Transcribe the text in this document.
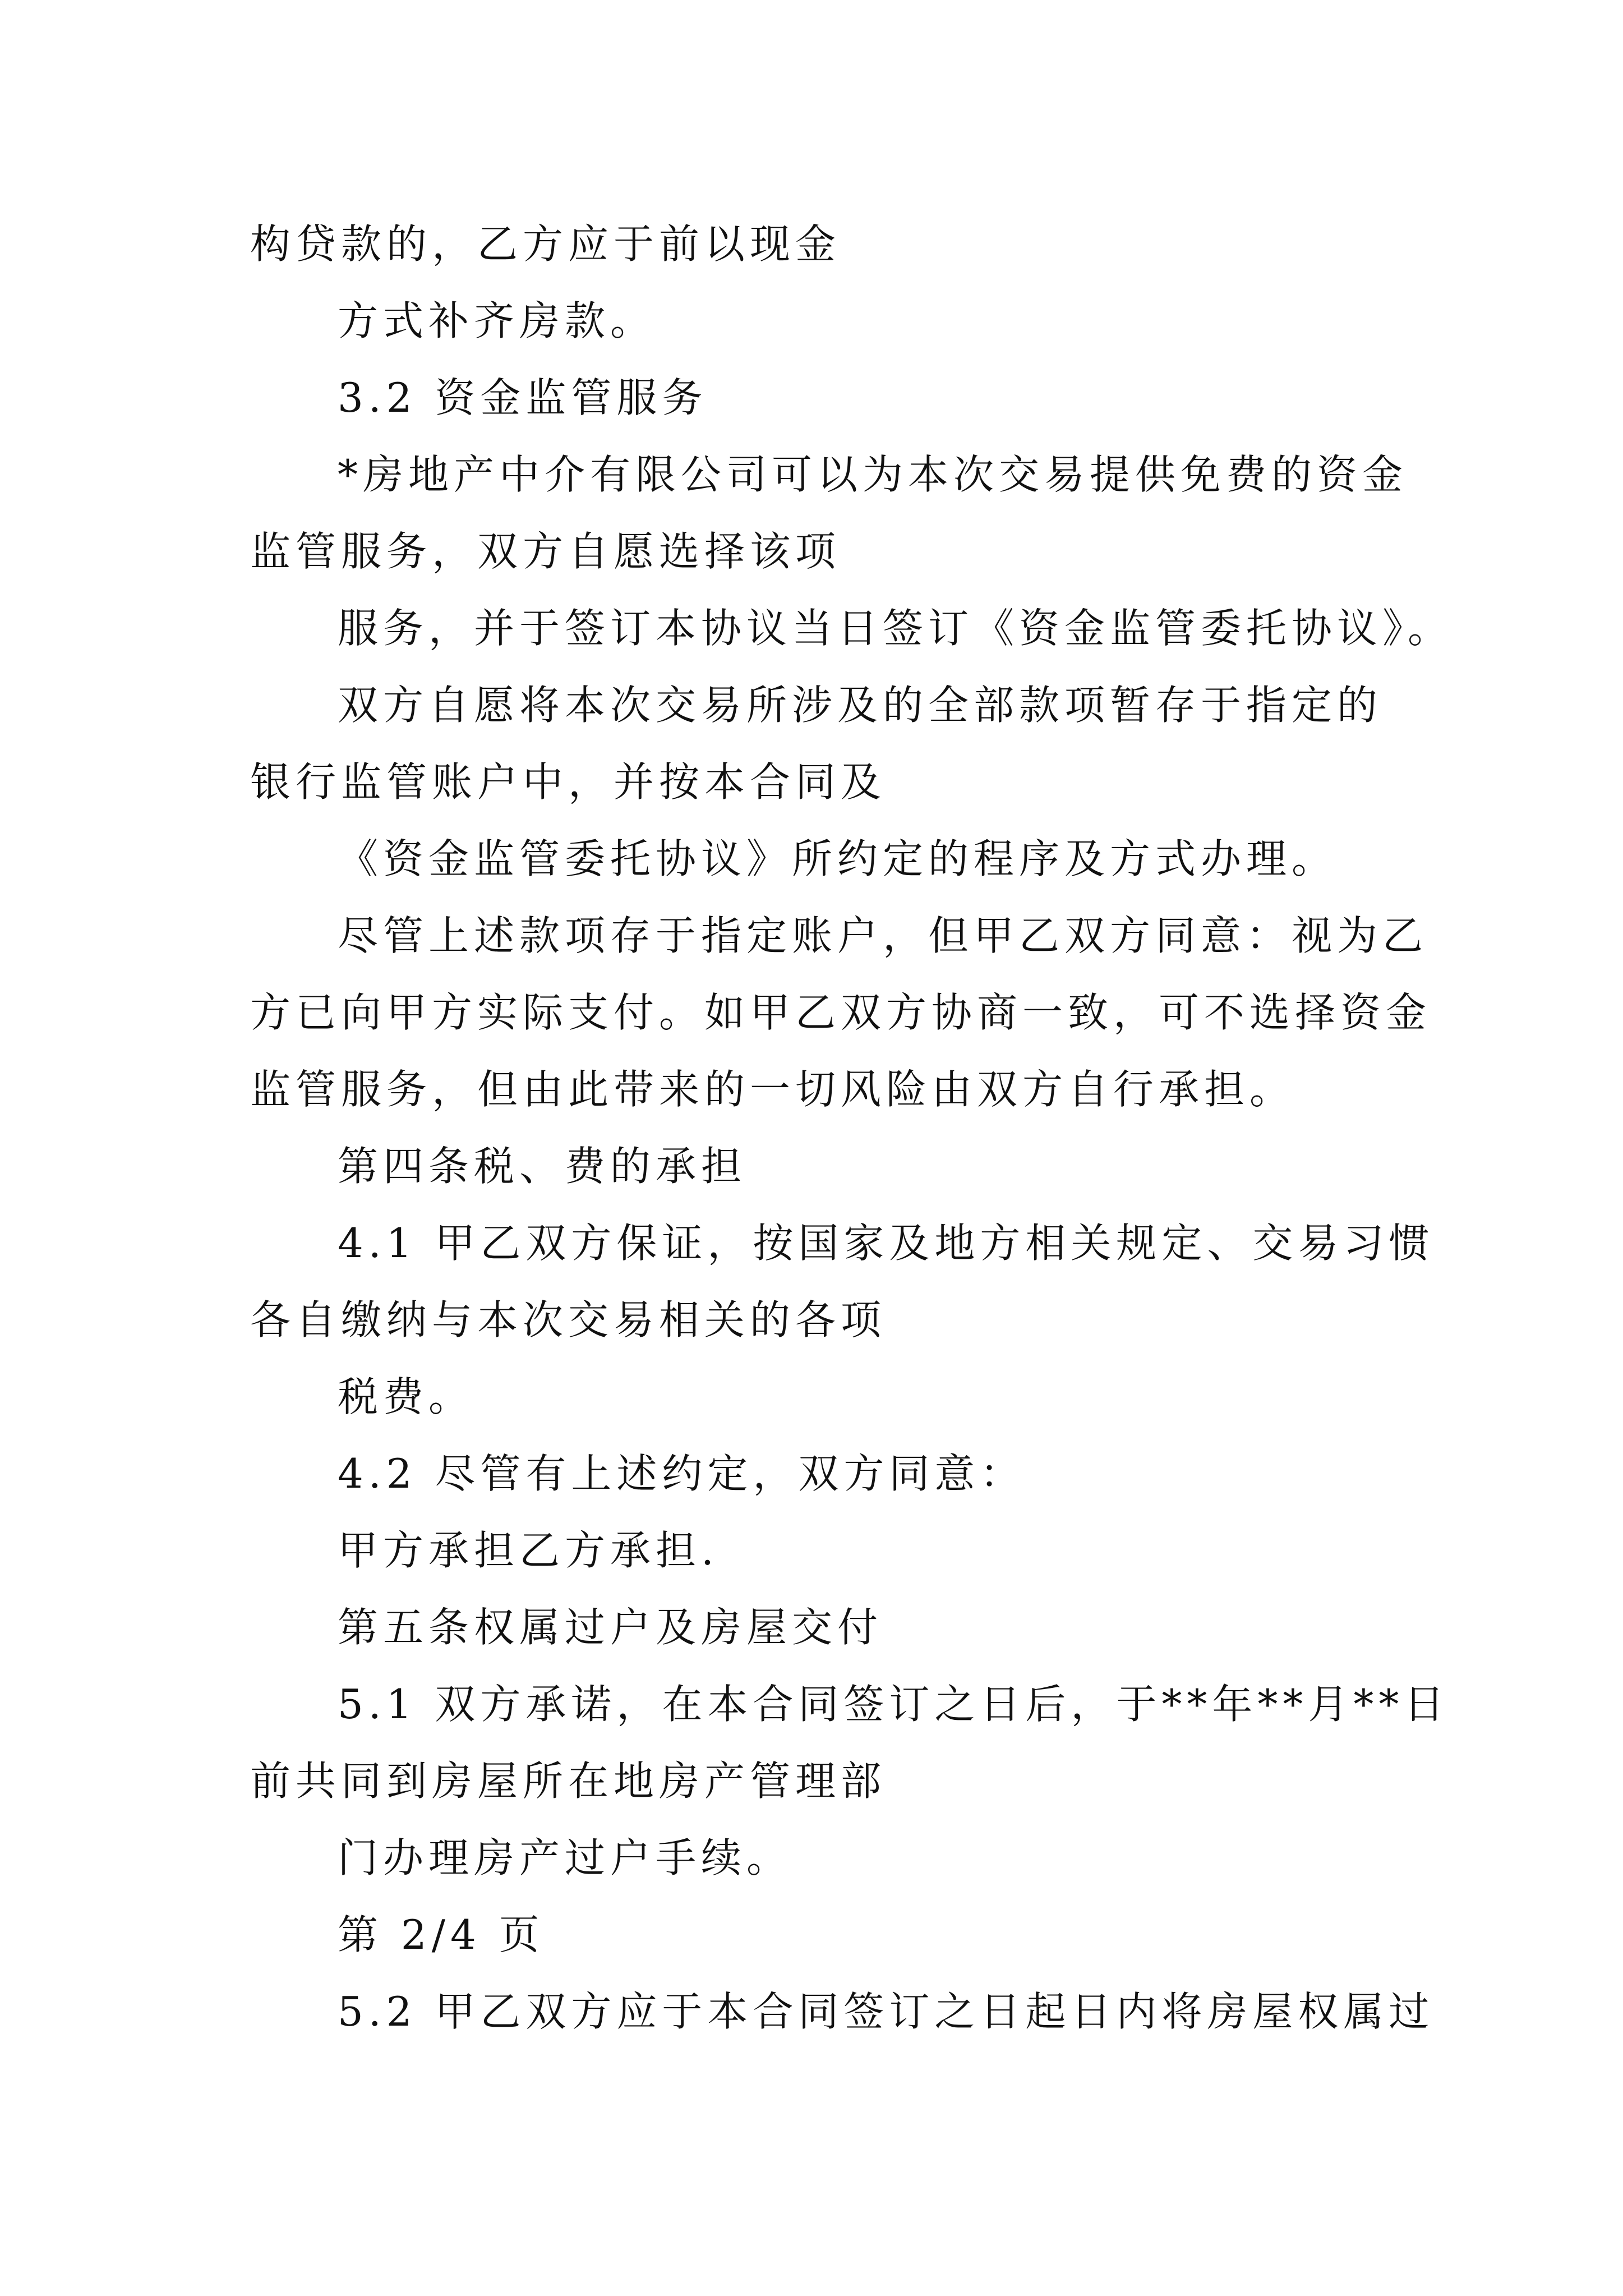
构贷款的，乙方应于前以现金
方式补齐房款。
3.2 资金监管服务
*房地产中介有限公司可以为本次交易提供免费的资金
监管服务，双方自愿选择该项
服务，并于签订本协议当日签订《资金监管委托协议》。
双方自愿将本次交易所涉及的全部款项暂存于指定的
银行监管账户中，并按本合同及
《资金监管委托协议》所约定的程序及方式办理。
尽管上述款项存于指定账户，但甲乙双方同意：视为乙
方已向甲方实际支付。如甲乙双方协商一致，可不选择资金
监管服务，但由此带来的一切风险由双方自行承担。
第四条税、费的承担
4.1 甲乙双方保证，按国家及地方相关规定、交易习惯
各自缴纳与本次交易相关的各项
税费。
4.2 尽管有上述约定，双方同意：
甲方承担乙方承担.
第五条权属过户及房屋交付
5.1 双方承诺，在本合同签订之日后，于**年**月**日
前共同到房屋所在地房产管理部
门办理房产过户手续。
第 2/4 页
5.2 甲乙双方应于本合同签订之日起日内将房屋权属过
